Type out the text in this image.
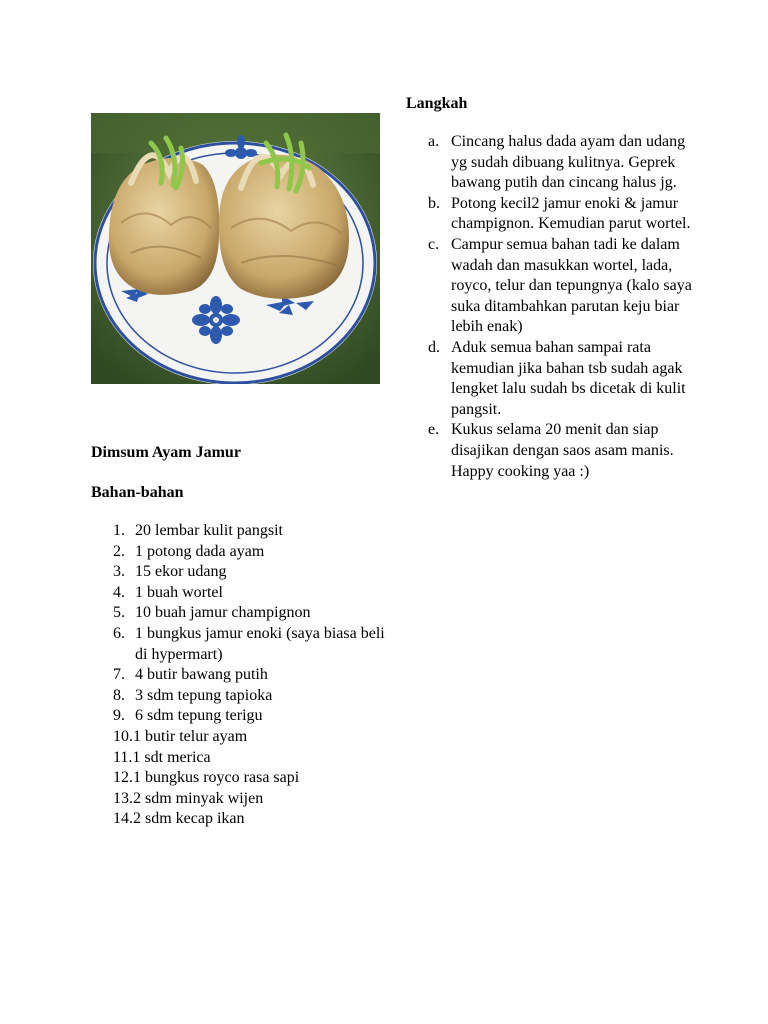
Dimsum Ayam Jamur
Bahan-bahan
1. 20 lembar kulit pangsit
2. 1 potong dada ayam
3. 15 ekor udang
4. 1 buah wortel
5. 10 buah jamur champignon
6. 1 bungkus jamur enoki (saya biasa beli di hypermart)
7. 4 butir bawang putih
8. 3 sdm tepung tapioka
9. 6 sdm tepung terigu
10.1 butir telur ayam
11.1 sdt merica
12.1 bungkus royco rasa sapi
13.2 sdm minyak wijen
14.2 sdm kecap ikan
Langkah
a. Cincang halus dada ayam dan udang yg sudah dibuang kulitnya. Geprek bawang putih dan cincang halus jg.
b. Potong kecil2 jamur enoki & jamur champignon. Kemudian parut wortel.
c. Campur semua bahan tadi ke dalam wadah dan masukkan wortel, lada, royco, telur dan tepungnya (kalo saya suka ditambahkan parutan keju biar lebih enak)
d. Aduk semua bahan sampai rata kemudian jika bahan tsb sudah agak lengket lalu sudah bs dicetak di kulit pangsit.
e. Kukus selama 20 menit dan siap disajikan dengan saos asam manis. Happy cooking yaa :)
